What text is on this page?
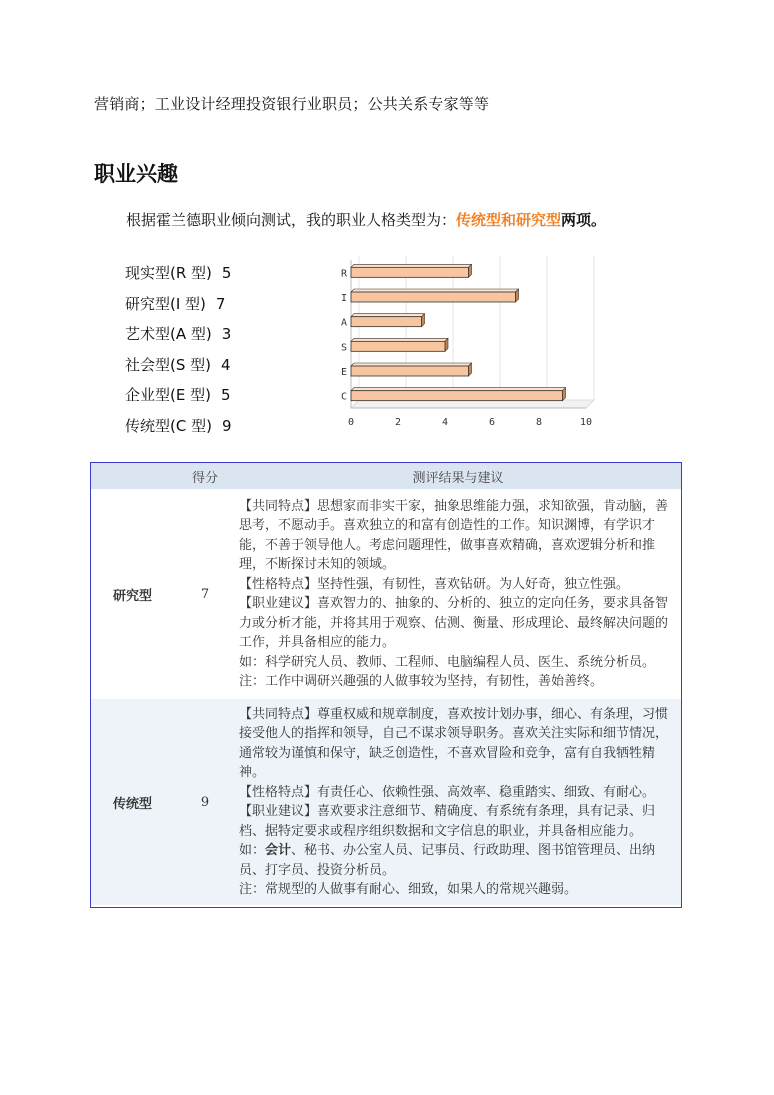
营销商；工业设计经理投资银行业职员；公共关系专家等等
职业兴趣
根据霍兰德职业倾向测试，我的职业人格类型为：传统型和研究型两项。
现实型(R 型) 5
研究型(I 型) 7
艺术型(A 型) 3
社会型(S 型) 4
企业型(E 型) 5
传统型(C 型) 9	0	2	4	6	8	10
R
I
A
S
E
C
	得分	测评结果与建议
研究型	7	【共同特点】思想家而非实干家，抽象思维能力强，求知欲强，肯动脑，善思考，不愿动手。喜欢独立的和富有创造性的工作。知识渊博，有学识才能，不善于领导他人。考虑问题理性，做事喜欢精确，喜欢逻辑分析和推理，不断探讨未知的领域。

【性格特点】坚持性强，有韧性，喜欢钻研。为人好奇，独立性强。

【职业建议】喜欢智力的、抽象的、分析的、独立的定向任务，要求具备智力或分析才能，并将其用于观察、估测、衡量、形成理论、最终解决问题的工作，并具备相应的能力。

如：科学研究人员、教师、工程师、电脑编程人员、医生、系统分析员。

注：工作中调研兴趣强的人做事较为坚持，有韧性，善始善终。

传统型	9	【共同特点】尊重权威和规章制度，喜欢按计划办事，细心、有条理，习惯接受他人的指挥和领导，自己不谋求领导职务。喜欢关注实际和细节情况，通常较为谨慎和保守，缺乏创造性，不喜欢冒险和竞争，富有自我牺牲精神。

【性格特点】有责任心、依赖性强、高效率、稳重踏实、细致、有耐心。

【职业建议】喜欢要求注意细节、精确度、有系统有条理，具有记录、归档、据特定要求或程序组织数据和文字信息的职业，并具备相应能力。

如：会计、秘书、办公室人员、记事员、行政助理、图书馆管理员、出纳员、打字员、投资分析员。

注：常规型的人做事有耐心、细致，如果人的常规兴趣弱。
